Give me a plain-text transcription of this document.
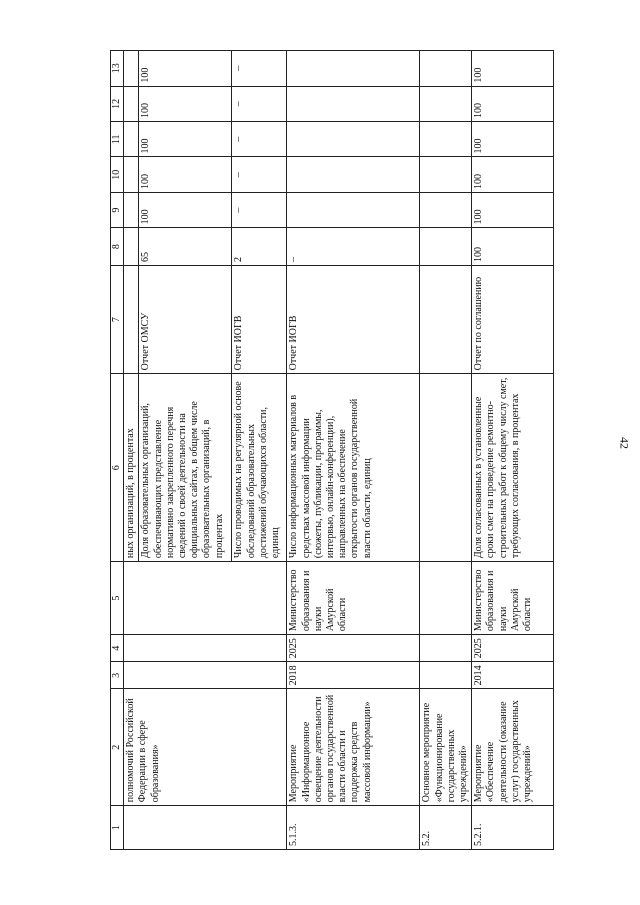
42
1	2	3	4	5	6	7	8	9	10	11	12	13
	полномочий Российской Федерации в сфере образования»				ных организаций, в процентах							
					Доля образовательных организаций, обеспечивающих представление нормативно закрепленного перечня сведений о своей деятельности на официальных сайтах, в общем числе образовательных организаций, в процентах	Отчет ОМСУ	65	100	100	100	100	100
					Число проводимых на регулярной основе обследований образовательных достижений обучающихся области, единиц	Отчет ИОГВ	2	–	–	–	–	–
5.1.3.	Мероприятие «Информационное освещение деятельности органов государственной власти области и поддержка средств массовой информации»	2018	2025	Министерство образования и науки Амурской области	Число информационных материалов в средствах массовой информации (сюжеты, публикации, программы, интервью, онлайн-конференции), направленных на обеспечение открытости органов государственной власти области, единиц	Отчет ИОГВ	–					
5.2.	Основное мероприятие «Функционирование государственных учреждений»											
5.2.1.	Мероприятие «Обеспечение деятельности (оказание услуг) государственных учреждений»	2014	2025	Министерство образования и науки Амурской области	Доля согласованных в установленные сроки смет на проведение ремонтно-строительных работ к общему числу смет, требующих согласования, в процентах	Отчет по соглашению	100	100	100	100	100	100
